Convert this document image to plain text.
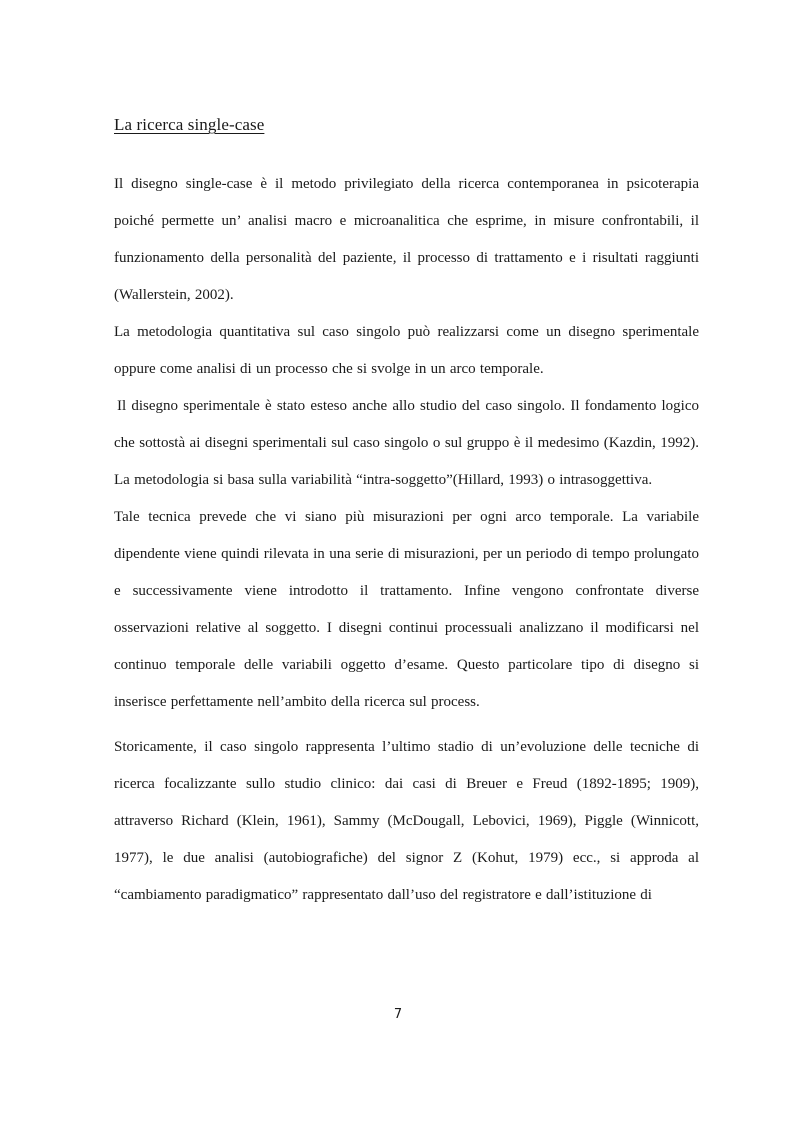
La ricerca single-case

Il disegno single-case è il metodo privilegiato della ricerca contemporanea in psicoterapia poiché permette un’ analisi macro e microanalitica che esprime, in misure confrontabili, il funzionamento della personalità del paziente, il processo di trattamento e i risultati raggiunti (Wallerstein, 2002).

La metodologia quantitativa sul caso singolo può realizzarsi come un disegno sperimentale oppure come analisi di un processo che si svolge in un arco temporale.

Il disegno sperimentale è stato esteso anche allo studio del caso singolo. Il fondamento logico che sottostà ai disegni sperimentali sul caso singolo o sul gruppo è il medesimo (Kazdin, 1992). La metodologia si basa sulla variabilità “intra-soggetto”(Hillard, 1993) o intrasoggettiva.

Tale tecnica prevede che vi siano più misurazioni per ogni arco temporale. La variabile dipendente viene quindi rilevata in una serie di misurazioni, per un periodo di tempo prolungato e successivamente viene introdotto il trattamento. Infine vengono confrontate diverse osservazioni relative al soggetto. I disegni continui processuali analizzano il modificarsi nel continuo temporale delle variabili oggetto d’esame. Questo particolare tipo di disegno si inserisce perfettamente nell’ambito della ricerca sul process.

Storicamente, il caso singolo rappresenta l’ultimo stadio di un’evoluzione delle tecniche di ricerca focalizzante sullo studio clinico: dai casi di Breuer e Freud (1892-1895; 1909), attraverso Richard (Klein, 1961), Sammy (McDougall, Lebovici, 1969), Piggle (Winnicott, 1977), le due analisi (autobiografiche) del signor Z (Kohut, 1979) ecc., si approda al “cambiamento paradigmatico” rappresentato dall’uso del registratore e dall’istituzione di

7
